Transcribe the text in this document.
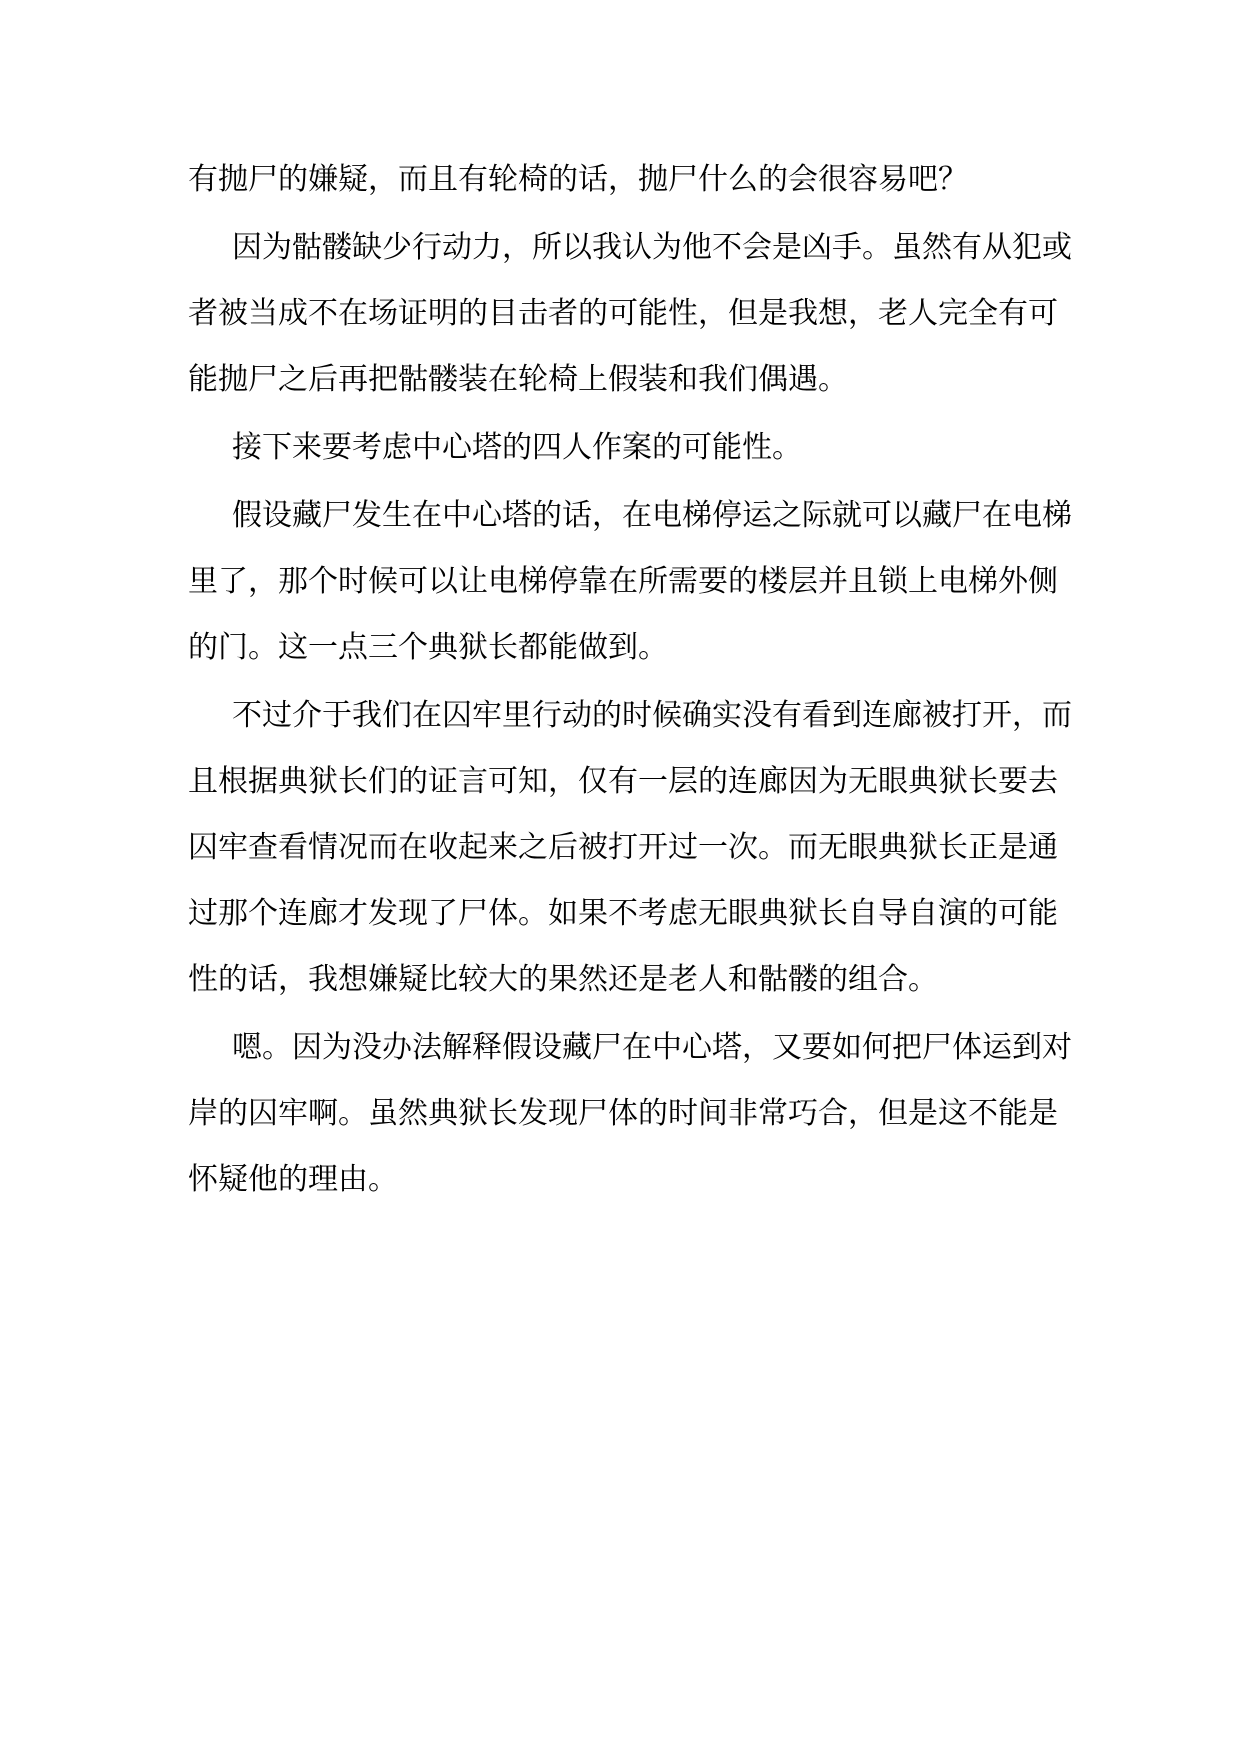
有抛尸的嫌疑，而且有轮椅的话，抛尸什么的会很容易吧？
因为骷髅缺少行动力，所以我认为他不会是凶手。虽然有从犯或
者被当成不在场证明的目击者的可能性，但是我想，老人完全有可
能抛尸之后再把骷髅装在轮椅上假装和我们偶遇。
接下来要考虑中心塔的四人作案的可能性。
假设藏尸发生在中心塔的话，在电梯停运之际就可以藏尸在电梯
里了，那个时候可以让电梯停靠在所需要的楼层并且锁上电梯外侧
的门。这一点三个典狱长都能做到。
不过介于我们在囚牢里行动的时候确实没有看到连廊被打开，而
且根据典狱长们的证言可知，仅有一层的连廊因为无眼典狱长要去
囚牢查看情况而在收起来之后被打开过一次。而无眼典狱长正是通
过那个连廊才发现了尸体。如果不考虑无眼典狱长自导自演的可能
性的话，我想嫌疑比较大的果然还是老人和骷髅的组合。
嗯。因为没办法解释假设藏尸在中心塔，又要如何把尸体运到对
岸的囚牢啊。虽然典狱长发现尸体的时间非常巧合，但是这不能是
怀疑他的理由。
